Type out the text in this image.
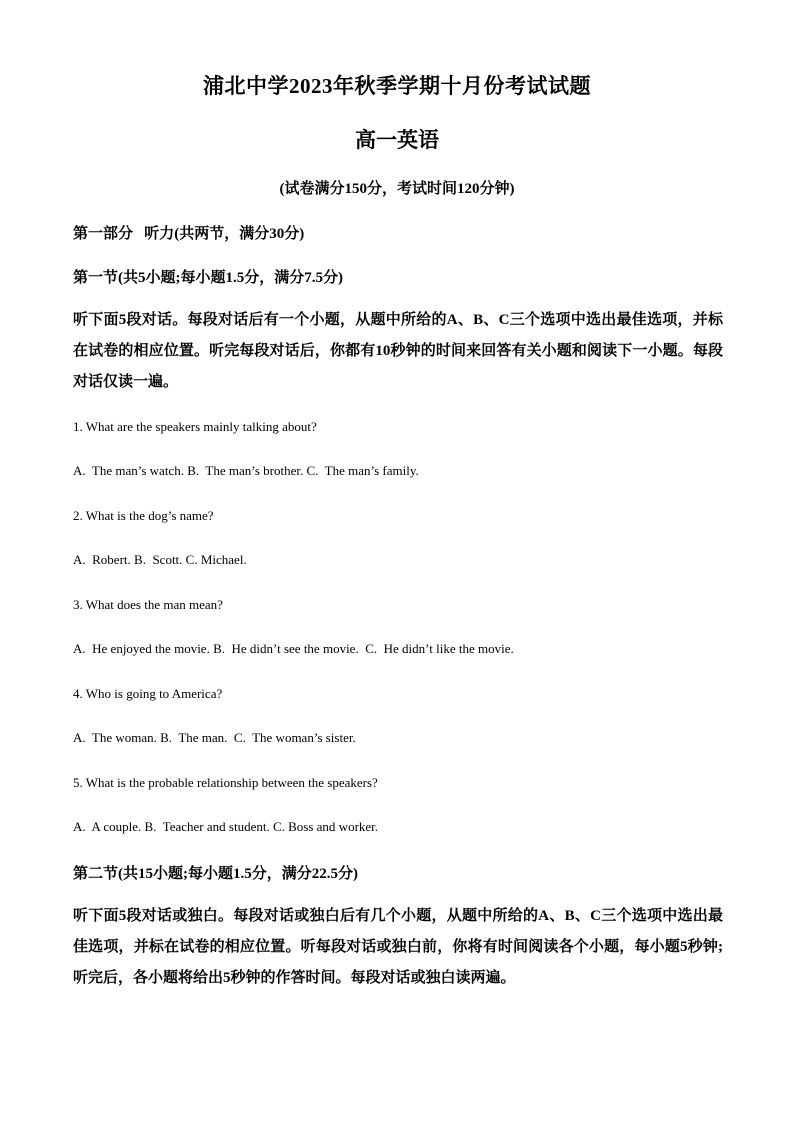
浦北中学2023年秋季学期十月份考试试题
高一英语
(试卷满分150分，考试时间120分钟)
第一部分   听力(共两节，满分30分)
第一节(共5小题;每小题1.5分，满分7.5分)
听下面5段对话。每段对话后有一个小题，从题中所给的A、B、C三个选项中选出最佳选项，并标在试卷的相应位置。听完每段对话后，你都有10秒钟的时间来回答有关小题和阅读下一小题。每段对话仅读一遍。
1. What are the speakers mainly talking about?
A.  The man’s watch. B.  The man’s brother. C.  The man’s family.
2. What is the dog’s name?
A.  Robert. B.  Scott. C. Michael.
3. What does the man mean?
A.  He enjoyed the movie. B.  He didn’t see the movie.  C.  He didn’t like the movie.
4. Who is going to America?
A.  The woman. B.  The man.  C.  The woman’s sister.
5. What is the probable relationship between the speakers?
A.  A couple. B.  Teacher and student. C. Boss and worker.
第二节(共15小题;每小题1.5分，满分22.5分)
听下面5段对话或独白。每段对话或独白后有几个小题，从题中所给的A、B、C三个选项中选出最佳选项，并标在试卷的相应位置。听每段对话或独白前，你将有时间阅读各个小题，每小题5秒钟;听完后，各小题将给出5秒钟的作答时间。每段对话或独白读两遍。
